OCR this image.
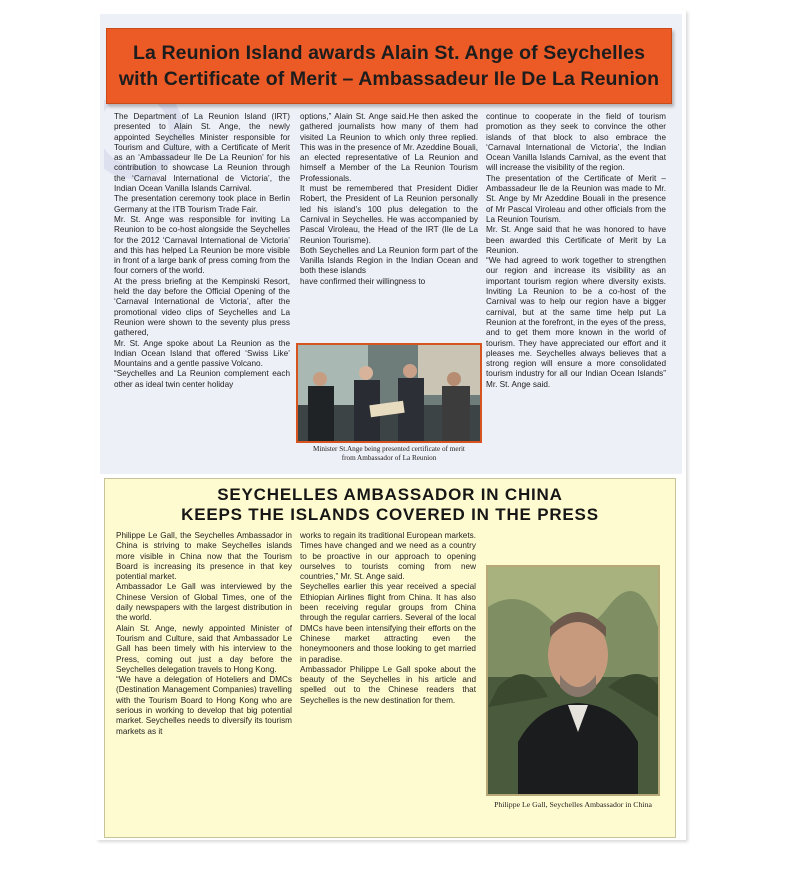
La Reunion Island awards Alain St. Ange of Seychelles
with Certificate of Merit – Ambassadeur Ile De La Reunion

The Department of La Reunion Island (IRT) presented to Alain St. Ange, the newly appointed Seychelles Minister responsible for Tourism and Culture, with a Certificate of Merit as an ‘Ambassadeur Ile De La Reunion’ for his contribution to showcase La Reunion through the ‘Carnaval International de Victoria’, the Indian Ocean Vanilla Islands Carnival.

The presentation ceremony took place in Berlin Germany at the ITB Tourism Trade Fair.

Mr. St. Ange was responsible for inviting La Reunion to be co-host alongside the Seychelles for the 2012 ‘Carnaval International de Victoria’ and this has helped La Reunion be more visible in front of a large bank of press coming from the four corners of the world.

At the press briefing at the Kempinski Resort, held the day before the Official Opening of the ‘Carnaval International de Victoria’, after the promotional video clips of Seychelles and La Reunion were shown to the seventy plus press gathered,

Mr. St. Ange spoke about La Reunion as the Indian Ocean Island that offered ‘Swiss Like’ Mountains and a gentle passive Volcano.

“Seychelles and La Reunion complement each other as ideal twin center holiday

options,” Alain St. Ange said.He then asked the gathered journalists how many of them had visited La Reunion to which only three replied. This was in the presence of Mr. Azeddine Bouali, an elected representative of La Reunion and himself a Member of the La Reunion Tourism Professionals.

It must be remembered that President Didier Robert, the President of La Reunion personally led his island’s 100 plus delegation to the Carnival in Seychelles. He was accompanied by Pascal Viroleau, the Head of the IRT (Ile de La Reunion Tourisme).

Both Seychelles and La Reunion form part of the Vanilla Islands Region in the Indian Ocean and both these islands

have confirmed their willingness to

Minister St.Ange being presented certificate of merit
from Ambassador of La Reunion

continue to cooperate in the field of tourism promotion as they seek to convince the other islands of that block to also embrace the ‘Carnaval International de Victoria’, the Indian Ocean Vanilla Islands Carnival, as the event that will increase the visibility of the region.

The presentation of the Certificate of Merit – Ambassadeur Ile de la Reunion was made to Mr. St. Ange by Mr Azeddine Bouali in the presence of Mr Pascal Viroleau and other officials from the La Reunion Tourism.

Mr. St. Ange said that he was honored to have been awarded this Certificate of Merit by La Reunion.

“We had agreed to work together to strengthen our region and increase its visibility as an important tourism region where diversity exists. Inviting La Reunion to be a co-host of the Carnival was to help our region have a bigger carnival, but at the same time help put La Reunion at the forefront, in the eyes of the press, and to get them more known in the world of tourism. They have appreciated our effort and it pleases me. Seychelles always believes that a strong region will ensure a more consolidated tourism industry for all our Indian Ocean Islands” Mr. St. Ange said.

SEYCHELLES AMBASSADOR IN CHINA
KEEPS THE ISLANDS COVERED IN THE PRESS

Philippe Le Gall, the Seychelles Ambassador in China is striving to make Seychelles islands more visible in China now that the Tourism Board is increasing its presence in that key potential market.

Ambassador Le Gall was interviewed by the Chinese Version of Global Times, one of the daily newspapers with the largest distribution in the world.

Alain St. Ange, newly appointed Minister of Tourism and Culture, said that Ambassador Le Gall has been timely with his interview to the Press, coming out just a day before the Seychelles delegation travels to Hong Kong.

“We have a delegation of Hoteliers and DMCs (Destination Management Companies) travelling with the Tourism Board to Hong Kong who are serious in working to develop that big potential market. Seychelles needs to diversify its tourism markets as it

works to regain its traditional European markets. Times have changed and we need as a country to be proactive in our approach to opening ourselves to tourists coming from new countries,” Mr. St. Ange said.

Seychelles earlier this year received a special Ethiopian Airlines flight from China. It has also been receiving regular groups from China through the regular carriers. Several of the local DMCs have been intensifying their efforts on the Chinese market attracting even the honeymooners and those looking to get married in paradise.

Ambassador Philippe Le Gall spoke about the beauty of the Seychelles in his article and spelled out to the Chinese readers that Seychelles is the new destination for them.

Philippe Le Gall, Seychelles Ambassador in China
